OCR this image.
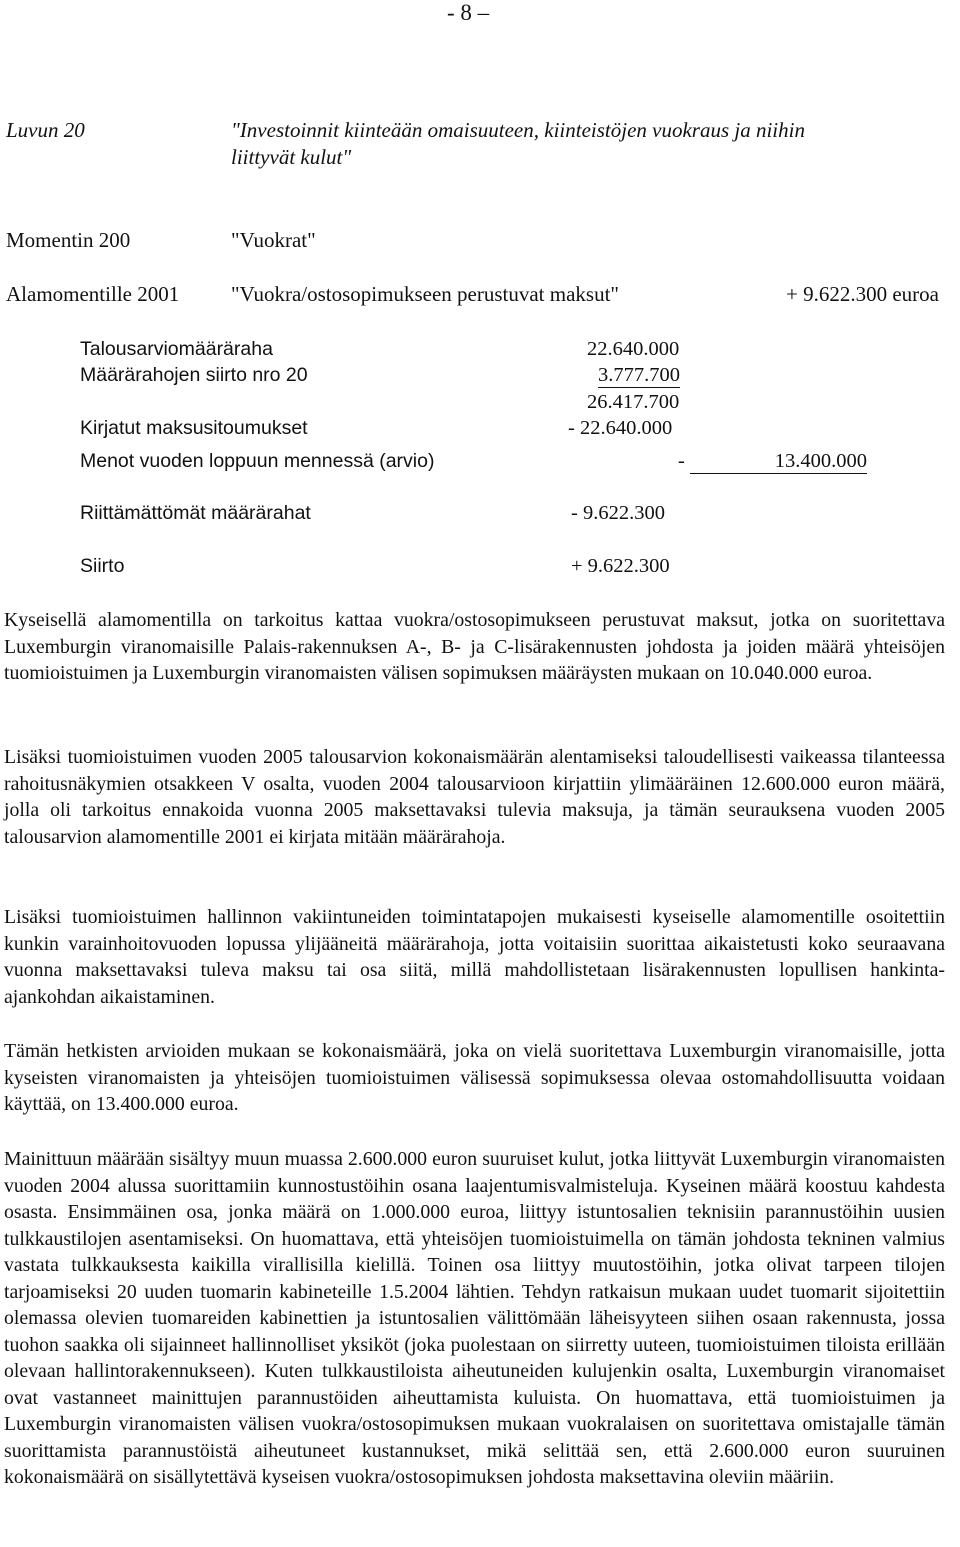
- 8 –
Luvun 20	"Investoinnit kiinteään omaisuuteen, kiinteistöjen vuokraus ja niihin
liittyvät kulut"
Momentin 200	"Vuokrat"
Alamomentille 2001 "Vuokra/ostosopimukseen perustuvat maksut"	+ 9.622.300 euroa
Talousarviomääräraha	22.640.000
Määrärahojen siirto nro 20	3.777.700
26.417.700
Kirjatut maksusitoumukset	- 22.640.000
Menot vuoden loppuun mennessä (arvio)	-	13.400.000
Riittämättömät määrärahat	- 9.622.300
Siirto	+ 9.622.300

Kyseisellä alamomentilla on tarkoitus kattaa vuokra/ostosopimukseen perustuvat maksut, jotka on suoritettava Luxemburgin viranomaisille Palais-rakennuksen A-, B- ja C-lisärakennusten johdosta ja joiden määrä yhteisöjen tuomioistuimen ja Luxemburgin viranomaisten välisen sopimuksen määräysten mukaan on 10.040.000 euroa.

Lisäksi tuomioistuimen vuoden 2005 talousarvion kokonaismäärän alentamiseksi taloudellisesti vaikeassa tilanteessa rahoitusnäkymien otsakkeen V osalta, vuoden 2004 talousarvioon kirjattiin ylimääräinen 12.600.000 euron määrä, jolla oli tarkoitus ennakoida vuonna 2005 maksettavaksi tulevia maksuja, ja tämän seurauksena vuoden 2005 talousarvion alamomentille 2001 ei kirjata mitään määrärahoja.

Lisäksi tuomioistuimen hallinnon vakiintuneiden toimintatapojen mukaisesti kyseiselle alamomentille osoitettiin kunkin varainhoitovuoden lopussa ylijääneitä määrärahoja, jotta voitaisiin suorittaa aikaistetusti koko seuraavana vuonna maksettavaksi tuleva maksu tai osa siitä, millä mahdollistetaan lisärakennusten lopullisen hankinta-ajankohdan aikaistaminen.

Tämän hetkisten arvioiden mukaan se kokonaismäärä, joka on vielä suoritettava Luxemburgin viranomaisille, jotta kyseisten viranomaisten ja yhteisöjen tuomioistuimen välisessä sopimuksessa olevaa ostomahdollisuutta voidaan käyttää, on 13.400.000 euroa.

Mainittuun määrään sisältyy muun muassa 2.600.000 euron suuruiset kulut, jotka liittyvät Luxemburgin viranomaisten vuoden 2004 alussa suorittamiin kunnostustöihin osana laajentumisvalmisteluja. Kyseinen määrä koostuu kahdesta osasta. Ensimmäinen osa, jonka määrä on 1.000.000 euroa, liittyy istuntosalien teknisiin parannustöihin uusien tulkkaustilojen asentamiseksi. On huomattava, että yhteisöjen tuomioistuimella on tämän johdosta tekninen valmius vastata tulkkauksesta kaikilla virallisilla kielillä. Toinen osa liittyy muutostöihin, jotka olivat tarpeen tilojen tarjoamiseksi 20 uuden tuomarin kabineteille 1.5.2004 lähtien. Tehdyn ratkaisun mukaan uudet tuomarit sijoitettiin olemassa olevien tuomareiden kabinettien ja istuntosalien välittömään läheisyyteen siihen osaan rakennusta, jossa tuohon saakka oli sijainneet hallinnolliset yksiköt (joka puolestaan on siirretty uuteen, tuomioistuimen tiloista erillään olevaan hallintorakennukseen). Kuten tulkkaustiloista aiheutuneiden kulujenkin osalta, Luxemburgin viranomaiset ovat vastanneet mainittujen parannustöiden aiheuttamista kuluista. On huomattava, että tuomioistuimen ja Luxemburgin viranomaisten välisen vuokra/ostosopimuksen mukaan vuokralaisen on suoritettava omistajalle tämän suorittamista parannustöistä aiheutuneet kustannukset, mikä selittää sen, että 2.600.000 euron suuruinen kokonaismäärä on sisällytettävä kyseisen vuokra/ostosopimuksen johdosta maksettavina oleviin määriin.
